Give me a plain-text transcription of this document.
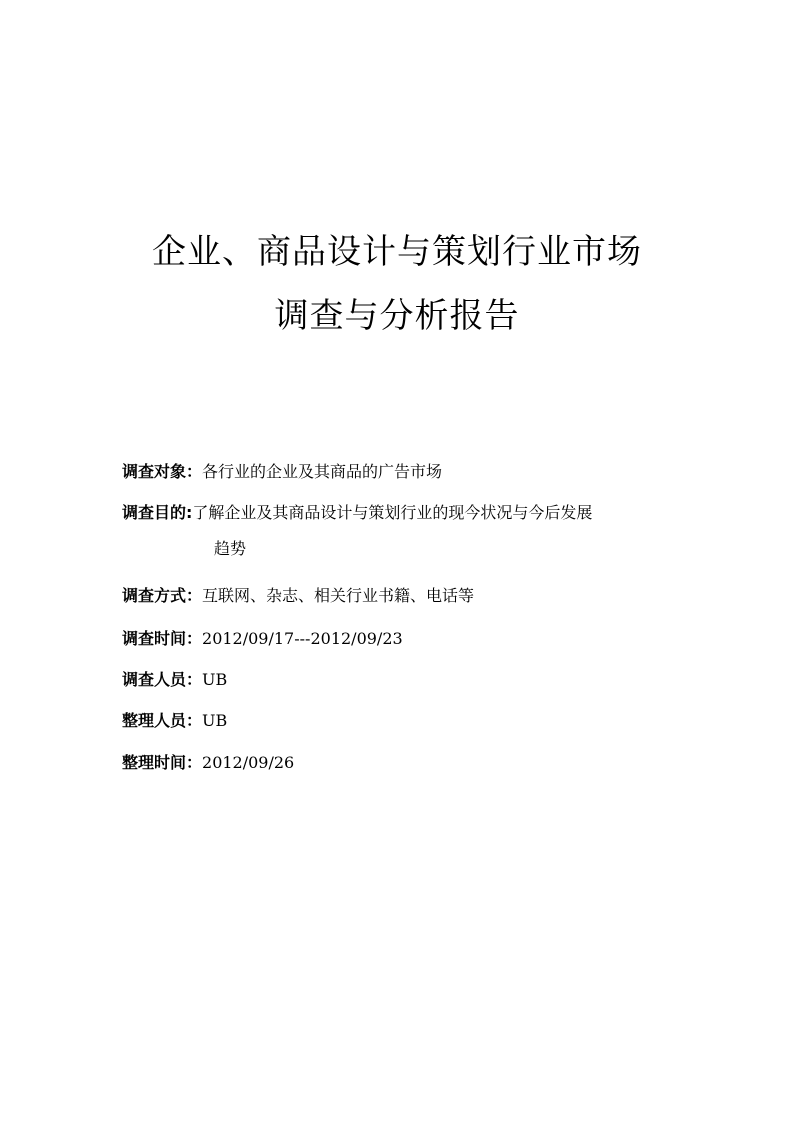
企业、商品设计与策划行业市场
调查与分析报告
调查对象：各行业的企业及其商品的广告市场
调查目的:了解企业及其商品设计与策划行业的现今状况与今后发展
趋势
调查方式：互联网、杂志、相关行业书籍、电话等
调查时间：2012/09/17---2012/09/23
调查人员：UB
整理人员：UB
整理时间：2012/09/26
